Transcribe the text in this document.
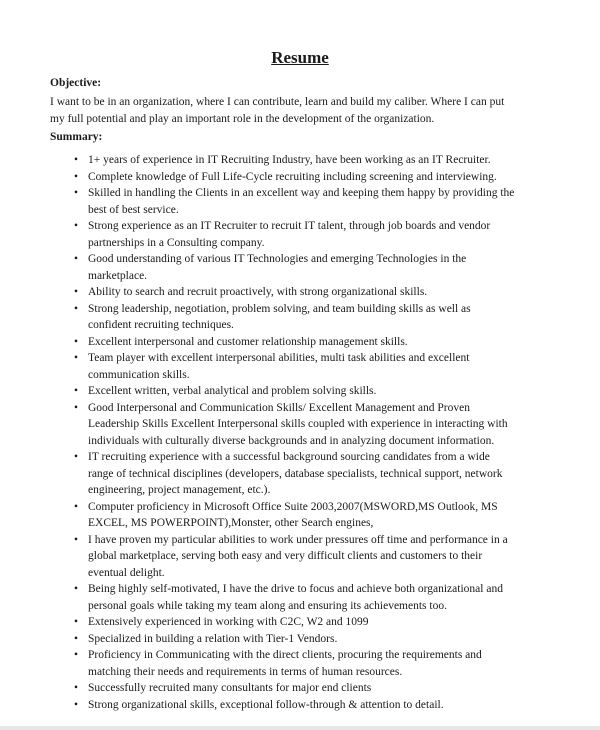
Resume
Objective:
I want to be in an organization, where I can contribute, learn and build my caliber. Where I can put
my full potential and play an important role in the development of the organization.
Summary:
• 1+ years of experience in IT Recruiting Industry, have been working as an IT Recruiter.
• Complete knowledge of Full Life-Cycle recruiting including screening and interviewing.
• Skilled in handling the Clients in an excellent way and keeping them happy by providing the
best of best service.
• Strong experience as an IT Recruiter to recruit IT talent, through job boards and vendor
partnerships in a Consulting company.
• Good understanding of various IT Technologies and emerging Technologies in the
marketplace.
• Ability to search and recruit proactively, with strong organizational skills.
• Strong leadership, negotiation, problem solving, and team building skills as well as
confident recruiting techniques.
• Excellent interpersonal and customer relationship management skills.
• Team player with excellent interpersonal abilities, multi task abilities and excellent
communication skills.
• Excellent written, verbal analytical and problem solving skills.
• Good Interpersonal and Communication Skills/ Excellent Management and Proven
Leadership Skills Excellent Interpersonal skills coupled with experience in interacting with
individuals with culturally diverse backgrounds and in analyzing document information.
• IT recruiting experience with a successful background sourcing candidates from a wide
range of technical disciplines (developers, database specialists, technical support, network
engineering, project management, etc.).
• Computer proficiency in Microsoft Office Suite 2003,2007(MSWORD,MS Outlook, MS
EXCEL, MS POWERPOINT),Monster, other Search engines,
• I have proven my particular abilities to work under pressures off time and performance in a
global marketplace, serving both easy and very difficult clients and customers to their
eventual delight.
• Being highly self-motivated, I have the drive to focus and achieve both organizational and
personal goals while taking my team along and ensuring its achievements too.
• Extensively experienced in working with C2C, W2 and 1099
• Specialized in building a relation with Tier-1 Vendors.
• Proficiency in Communicating with the direct clients, procuring the requirements and
matching their needs and requirements in terms of human resources.
• Successfully recruited many consultants for major end clients
• Strong organizational skills, exceptional follow-through & attention to detail.
